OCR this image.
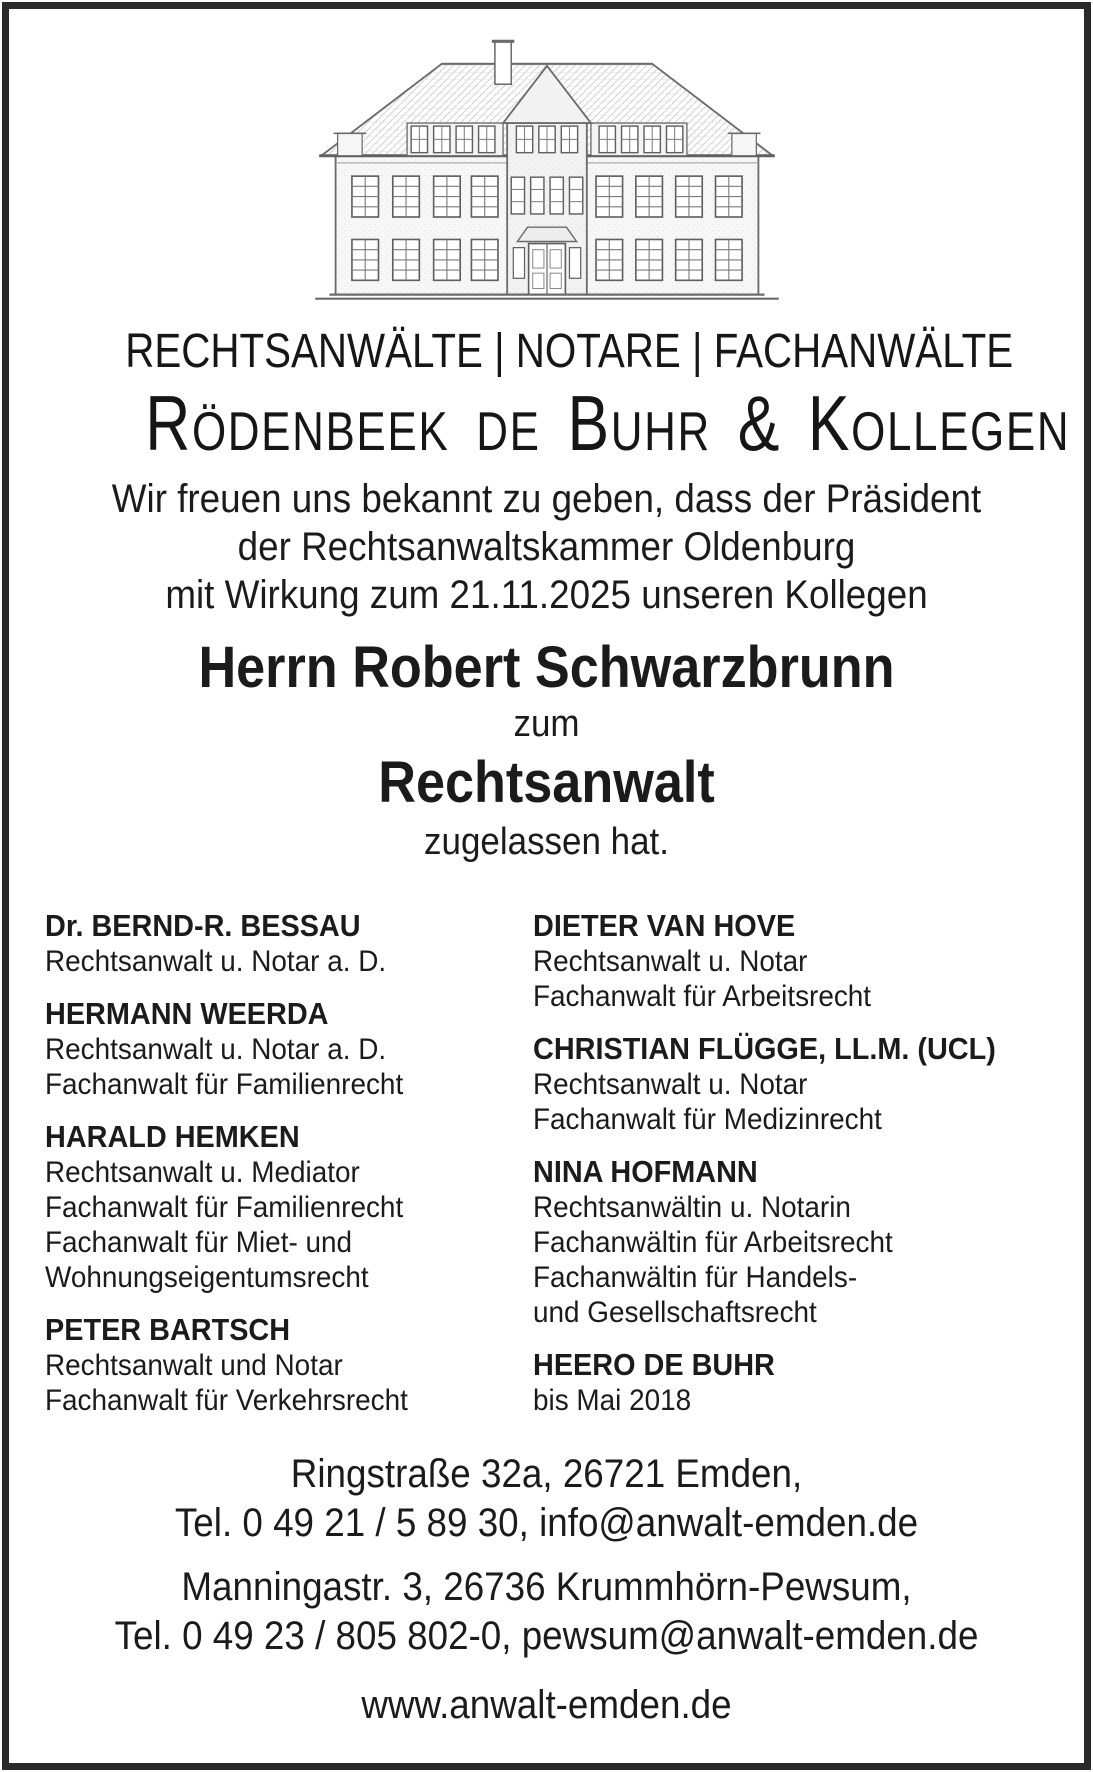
RECHTSANWÄLTE | NOTARE | FACHANWÄLTE
Rödenbeek de Buhr & Kollegen
Wir freuen uns bekannt zu geben, dass der Präsident
der Rechtsanwaltskammer Oldenburg
mit Wirkung zum 21.11.2025 unseren Kollegen
Herrn Robert Schwarzbrunn
zum
Rechtsanwalt
zugelassen hat.
Dr. BERND-R. BESSAU
Rechtsanwalt u. Notar a. D.
HERMANN WEERDA
Rechtsanwalt u. Notar a. D.
Fachanwalt für Familienrecht
HARALD HEMKEN
Rechtsanwalt u. Mediator
Fachanwalt für Familienrecht
Fachanwalt für Miet- und
Wohnungseigentumsrecht
PETER BARTSCH
Rechtsanwalt und Notar
Fachanwalt für Verkehrsrecht
DIETER VAN HOVE
Rechtsanwalt u. Notar
Fachanwalt für Arbeitsrecht
CHRISTIAN FLÜGGE, LL.M. (UCL)
Rechtsanwalt u. Notar
Fachanwalt für Medizinrecht
NINA HOFMANN
Rechtsanwältin u. Notarin
Fachanwältin für Arbeitsrecht
Fachanwältin für Handels-
und Gesellschaftsrecht
HEERO DE BUHR
bis Mai 2018
Ringstraße 32a, 26721 Emden,
Tel. 0 49 21 / 5 89 30, info@anwalt-emden.de
Manningastr. 3, 26736 Krummhörn-Pewsum,
Tel. 0 49 23 / 805 802-0, pewsum@anwalt-emden.de
www.anwalt-emden.de
